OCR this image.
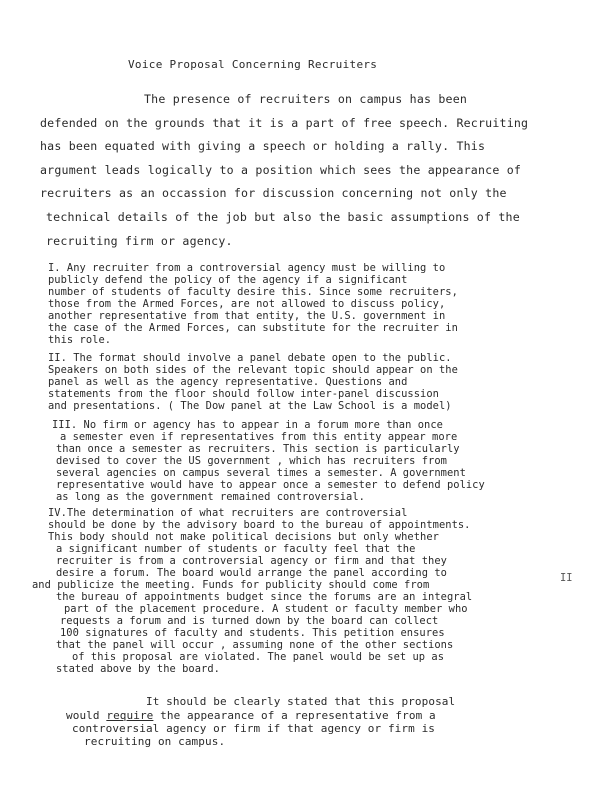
Voice Proposal Concerning Recruiters
The presence of recruiters on campus has been
defended on the grounds that it is a part of free speech. Recruiting
has been equated with giving a speech or holding a rally. This
argument leads logically to a position which sees the appearance of
recruiters as an occassion for discussion concerning not only the
technical details of the job but also the basic assumptions of the
recruiting firm or agency.
I. Any recruiter from a controversial agency must be willing to
publicly defend the policy of the agency if a significant
number of students of faculty desire this. Since some recruiters,
those from the Armed Forces, are not allowed to discuss policy,
another representative from that entity, the U.S. government in
the case of the Armed Forces, can substitute for the recruiter in
this role.
II. The format should involve a panel debate open to the public.
Speakers on both sides of the relevant topic should appear on the
panel as well as the agency representative. Questions and
statements from the floor should follow inter-panel discussion
and presentations. ( The Dow panel at the Law School is a model)
III. No firm or agency has to appear in a forum more than once
a semester even if representatives from this entity appear more
than once a semester as recruiters. This section is particularly
devised to cover the US government , which has recruiters from
several agencies on campus several times a semester. A government
representative would have to appear once a semester to defend policy
as long as the government remained controversial.
IV.The determination of what recruiters are controversial
should be done by the advisory board to the bureau of appointments.
This body should not make political decisions but only whether
a significant number of students or faculty feel that the
recruiter is from a controversial agency or firm and that they
desire a forum. The board would arrange the panel according to
and publicize the meeting. Funds for publicity should come from
the bureau of appointments budget since the forums are an integral
part of the placement procedure. A student or faculty member who
requests a forum and is turned down by the board can collect
100 signatures of faculty and students. This petition ensures
that the panel will occur , assuming none of the other sections
of this proposal are violated. The panel would be set up as
stated above by the board.
II
It should be clearly stated that this proposal
would require the appearance of a representative from a
controversial agency or firm if that agency or firm is
recruiting on campus.
